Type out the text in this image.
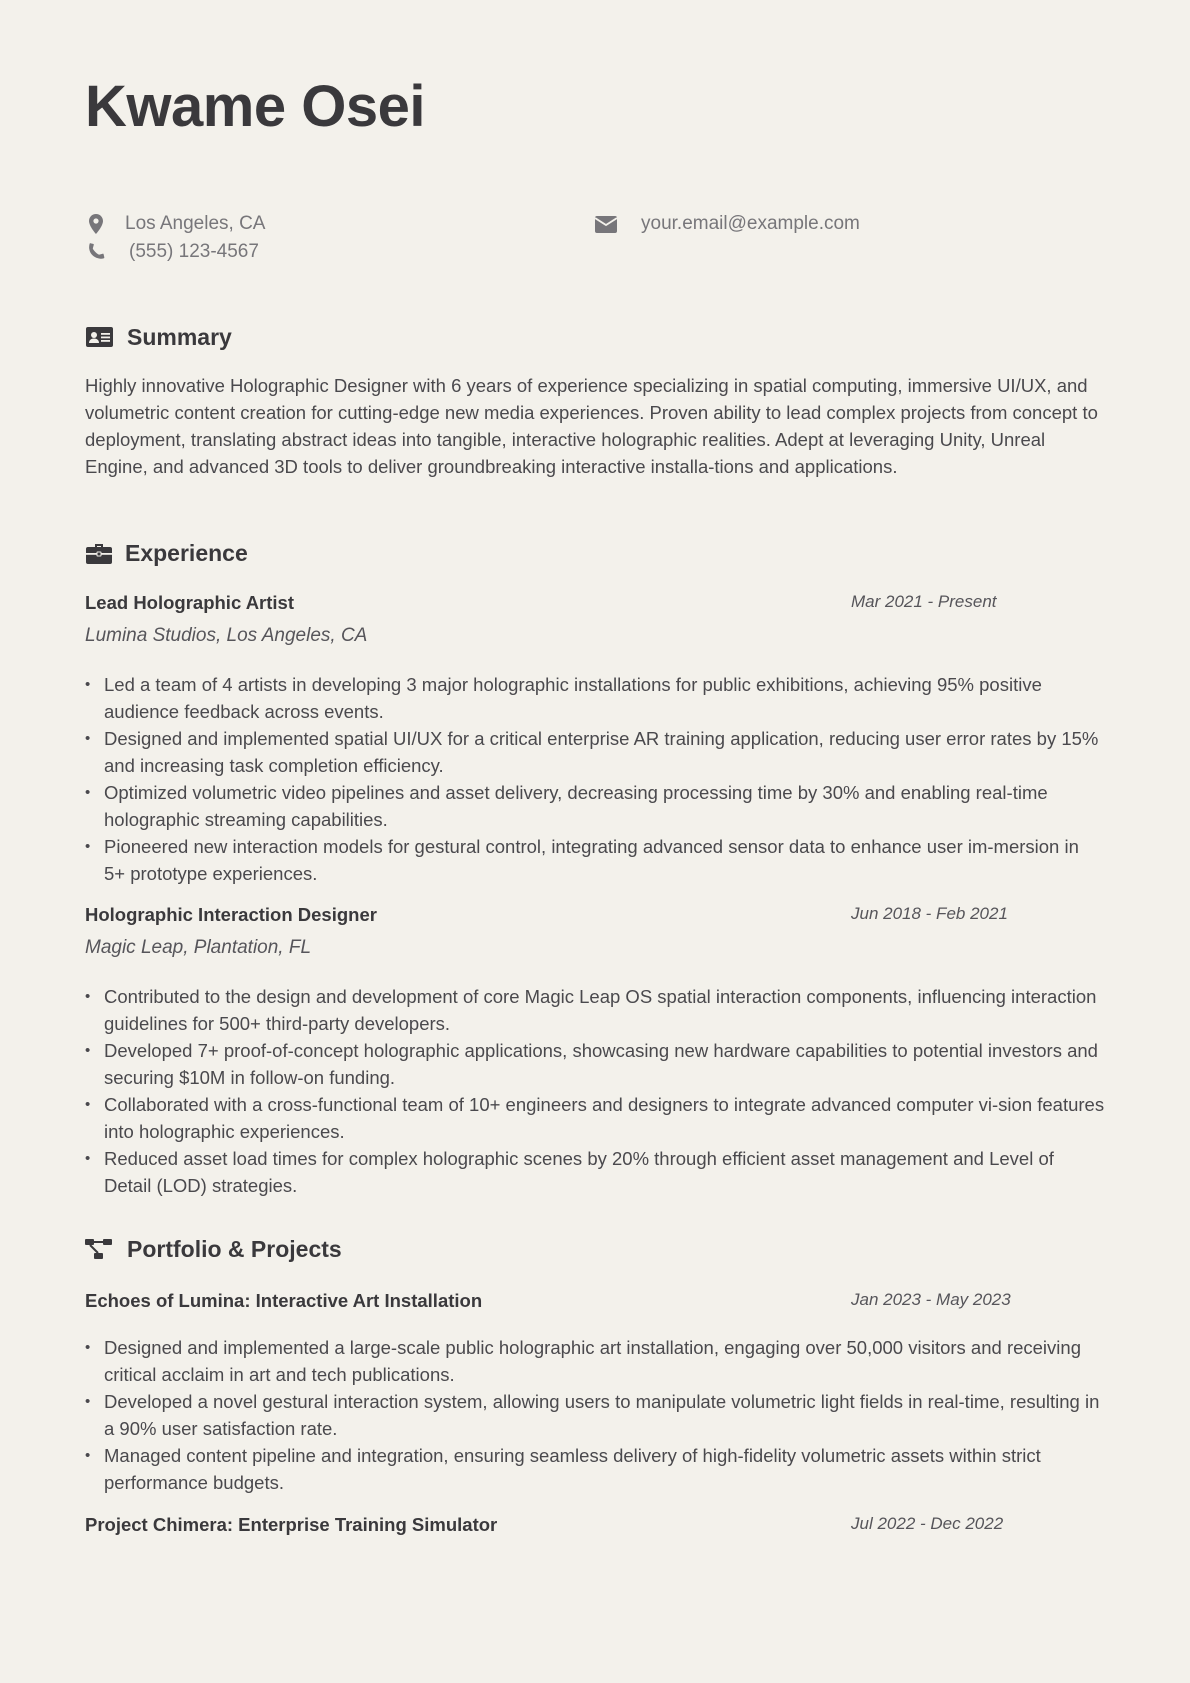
Kwame Osei
Los Angeles, CA
(555) 123-4567
your.email@example.com
Summary

Highly innovative Holographic Designer with 6 years of experience specializing in spatial computing, immersive UI/UX, and volumetric content creation for cutting-edge new media experiences. Proven ability to lead complex projects from concept to deployment, translating abstract ideas into tangible, interactive holographic realities. Adept at leveraging Unity, Unreal Engine, and advanced 3D tools to deliver groundbreaking interactive installa-tions and applications.

Experience
Lead Holographic Artist	Mar 2021 - Present
Lumina Studios, Los Angeles, CA
• Led a team of 4 artists in developing 3 major holographic installations for public exhibitions, achieving 95% positive audience feedback across events.
• Designed and implemented spatial UI/UX for a critical enterprise AR training application, reducing user error rates by 15% and increasing task completion efficiency.
• Optimized volumetric video pipelines and asset delivery, decreasing processing time by 30% and enabling real-time holographic streaming capabilities.
• Pioneered new interaction models for gestural control, integrating advanced sensor data to enhance user im-mersion in 5+ prototype experiences.
Holographic Interaction Designer	Jun 2018 - Feb 2021
Magic Leap, Plantation, FL
• Contributed to the design and development of core Magic Leap OS spatial interaction components, influencing interaction guidelines for 500+ third-party developers.
• Developed 7+ proof-of-concept holographic applications, showcasing new hardware capabilities to potential investors and securing $10M in follow-on funding.
• Collaborated with a cross-functional team of 10+ engineers and designers to integrate advanced computer vi-sion features into holographic experiences.
• Reduced asset load times for complex holographic scenes by 20% through efficient asset management and Level of Detail (LOD) strategies.
Portfolio & Projects
Echoes of Lumina: Interactive Art Installation	Jan 2023 - May 2023
• Designed and implemented a large-scale public holographic art installation, engaging over 50,000 visitors and receiving critical acclaim in art and tech publications.
• Developed a novel gestural interaction system, allowing users to manipulate volumetric light fields in real-time, resulting in a 90% user satisfaction rate.
• Managed content pipeline and integration, ensuring seamless delivery of high-fidelity volumetric assets within strict performance budgets.
Project Chimera: Enterprise Training Simulator	Jul 2022 - Dec 2022
